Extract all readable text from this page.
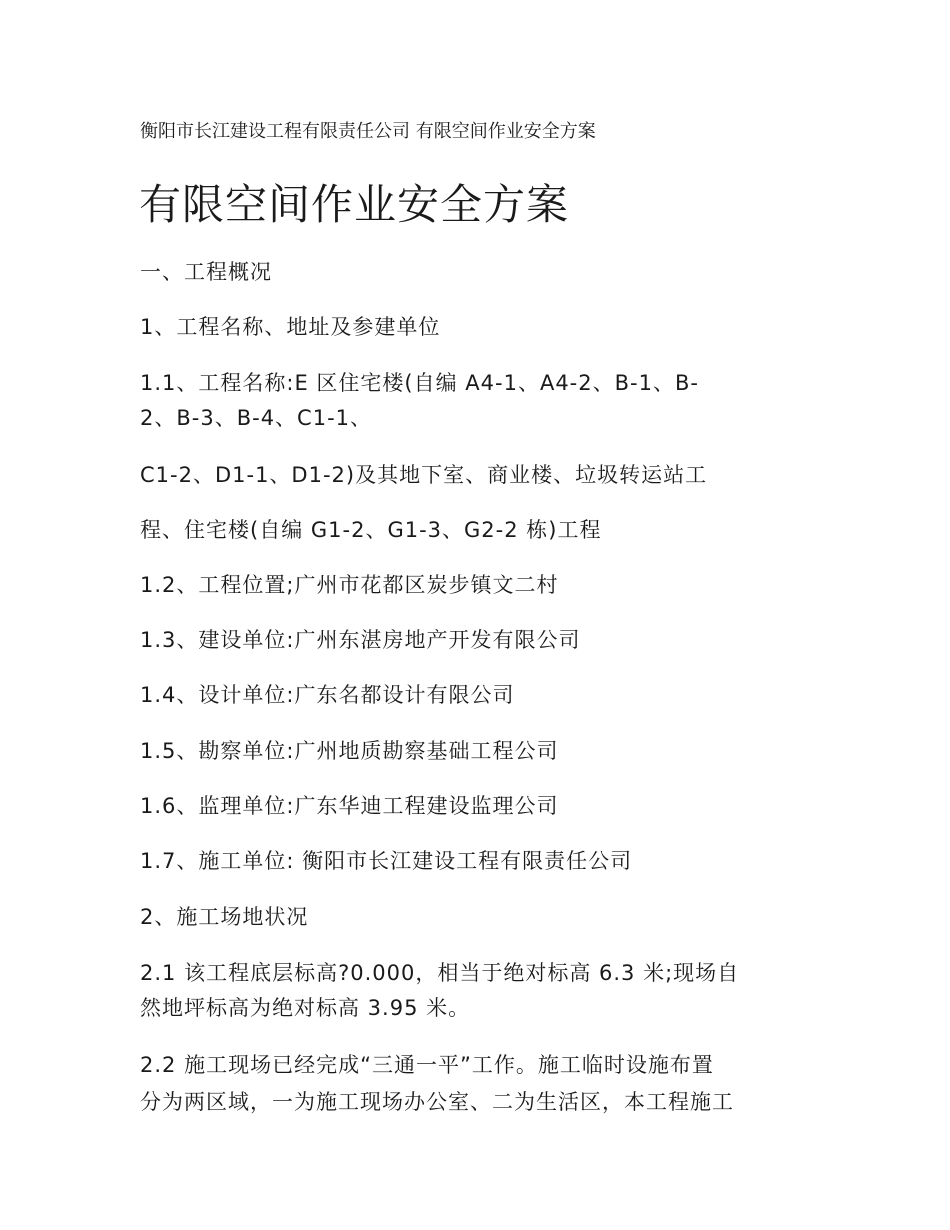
衡阳市长江建设工程有限责任公司 有限空间作业安全方案
有限空间作业安全方案
一、工程概况
1、工程名称、地址及参建单位
1.1、工程名称:E 区住宅楼(自编 A4-1、A4-2、B-1、B-
2、B-3、B-4、C1-1、
C1-2、D1-1、D1-2)及其地下室、商业楼、垃圾转运站工
程、住宅楼(自编 G1-2、G1-3、G2-2 栋)工程
1.2、工程位置;广州市花都区炭步镇文二村
1.3、建设单位:广州东湛房地产开发有限公司
1.4、设计单位:广东名都设计有限公司
1.5、勘察单位:广州地质勘察基础工程公司
1.6、监理单位:广东华迪工程建设监理公司
1.7、施工单位: 衡阳市长江建设工程有限责任公司
2、施工场地状况
2.1 该工程底层标高?0.000，相当于绝对标高 6.3 米;现场自
然地坪标高为绝对标高 3.95 米。
2.2 施工现场已经完成“三通一平”工作。施工临时设施布置
分为两区域，一为施工现场办公室、二为生活区，本工程施工
